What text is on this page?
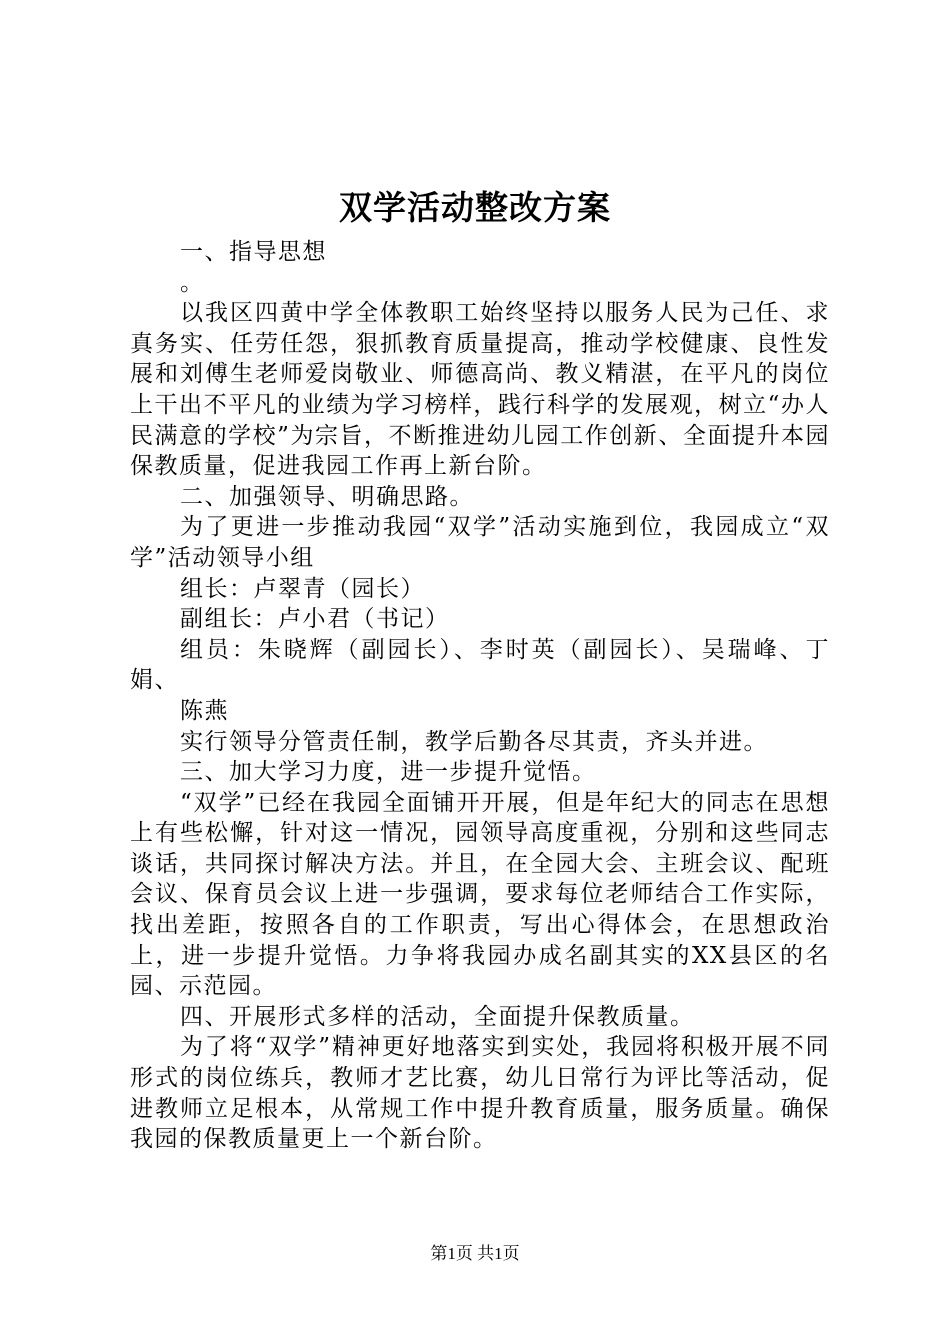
双学活动整改方案

一、指导思想

。

以我区四黄中学全体教职工始终坚持以服务人民为己任、求真务实、任劳任怨，狠抓教育质量提高，推动学校健康、良性发展和刘傅生老师爱岗敬业、师德高尚、教义精湛，在平凡的岗位上干出不平凡的业绩为学习榜样，践行科学的发展观，树立“办人民满意的学校”为宗旨，不断推进幼儿园工作创新、全面提升本园保教质量，促进我园工作再上新台阶。

二、加强领导、明确思路。

为了更进一步推动我园“双学”活动实施到位，我园成立“双学”活动领导小组

组长：卢翠青（园长）

副组长：卢小君（书记）

组员：朱晓辉（副园长）、李时英（副园长）、吴瑞峰、丁娟、

陈燕

实行领导分管责任制，教学后勤各尽其责，齐头并进。

三、加大学习力度，进一步提升觉悟。

“双学”已经在我园全面铺开开展，但是年纪大的同志在思想上有些松懈，针对这一情况，园领导高度重视，分别和这些同志谈话，共同探讨解决方法。并且，在全园大会、主班会议、配班会议、保育员会议上进一步强调，要求每位老师结合工作实际，找出差距，按照各自的工作职责，写出心得体会，在思想政治上，进一步提升觉悟。力争将我园办成名副其实的XX县区的名园、示范园。

四、开展形式多样的活动，全面提升保教质量。

为了将“双学”精神更好地落实到实处，我园将积极开展不同形式的岗位练兵，教师才艺比赛，幼儿日常行为评比等活动，促进教师立足根本，从常规工作中提升教育质量，服务质量。确保我园的保教质量更上一个新台阶。

第1页 共1页
